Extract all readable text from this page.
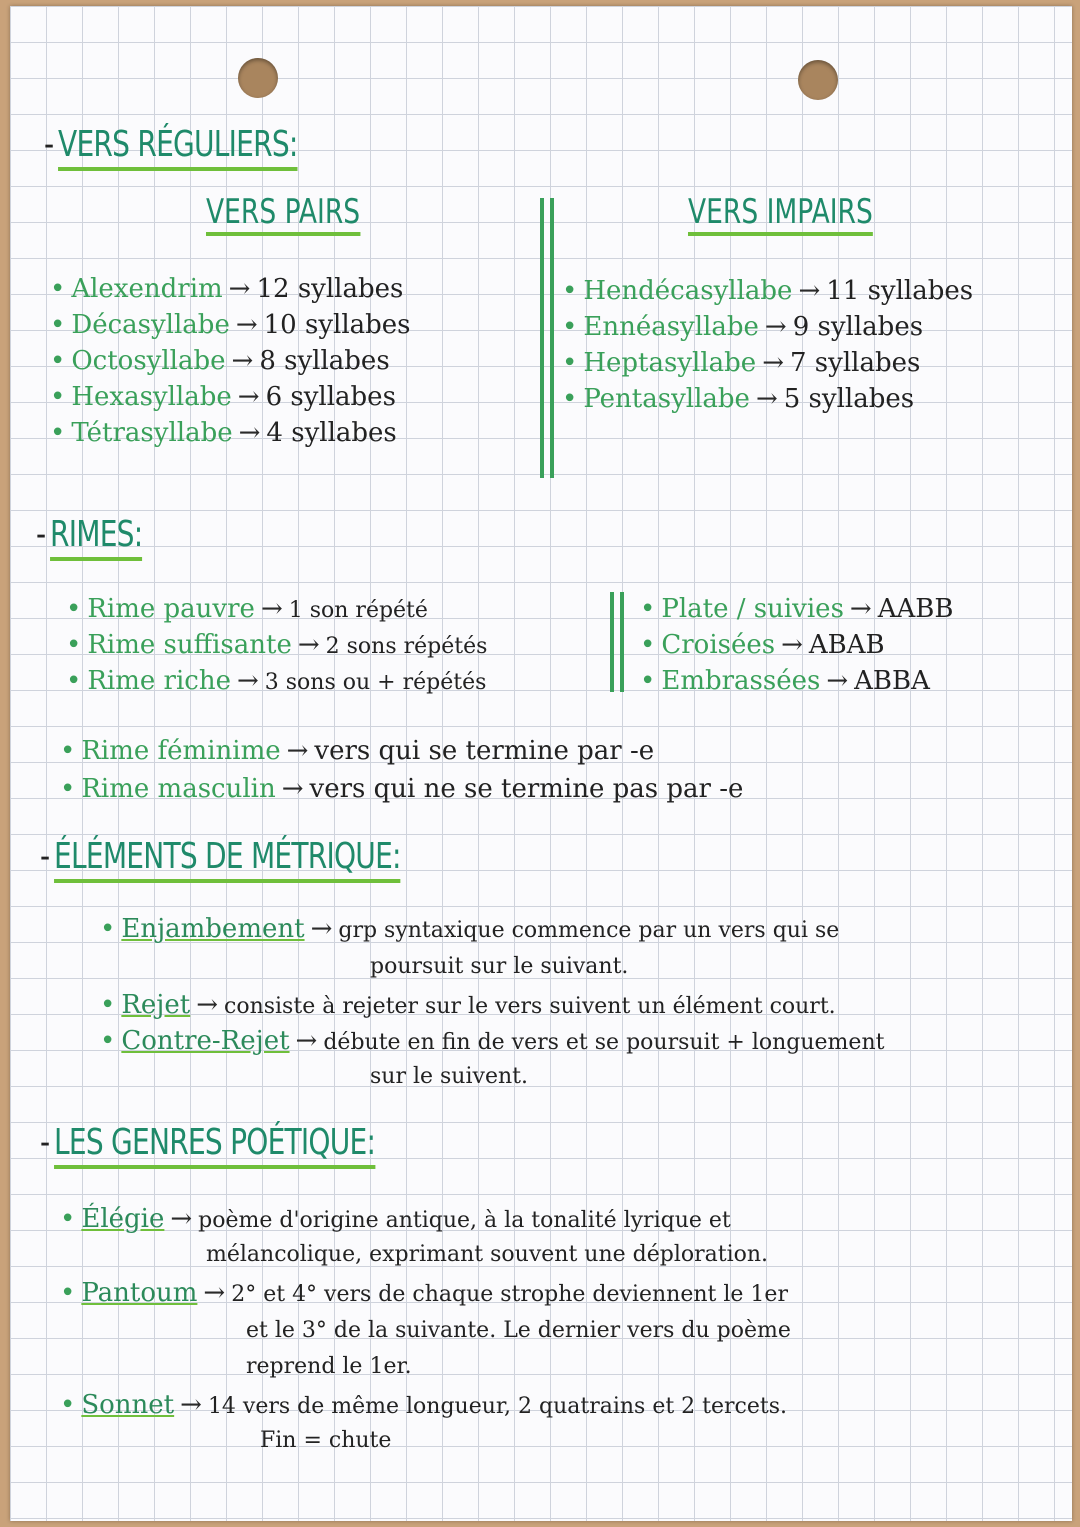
- VERS RÉGULIERS:
VERS PAIRS	VERS IMPAIRS
• Alexendrim → 12 syllabes
• Décasyllabe → 10 syllabes
• Octosyllabe → 8 syllabes
• Hexasyllabe → 6 syllabes
• Tétrasyllabe → 4 syllabes
• Hendécasyllabe → 11 syllabes
• Ennéasyllabe → 9 syllabes
• Heptasyllabe → 7 syllabes
• Pentasyllabe → 5 syllabes
- RIMES:
• Rime pauvre → 1 son répété
• Rime suffisante → 2 sons répétés
• Rime riche → 3 sons ou + répétés
• Plate / suivies → AABB
• Croisées → ABAB
• Embrassées → ABBA
• Rime féminime → vers qui se termine par -e
• Rime masculin → vers qui ne se termine pas par -e
- ÉLÉMENTS DE MÉTRIQUE:
• Enjambement → grp syntaxique commence par un vers qui se
poursuit sur le suivant.
• Rejet → consiste à rejeter sur le vers suivent un élément court.
• Contre-Rejet → débute en fin de vers et se poursuit + longuement
sur le suivent.
- LES GENRES POÉTIQUE:
• Élégie → poème d'origine antique, à la tonalité lyrique et
mélancolique, exprimant souvent une déploration.
• Pantoum → 2° et 4° vers de chaque strophe deviennent le 1er
et le 3° de la suivante. Le dernier vers du poème
reprend le 1er.
• Sonnet → 14 vers de même longueur, 2 quatrains et 2 tercets.
Fin = chute
